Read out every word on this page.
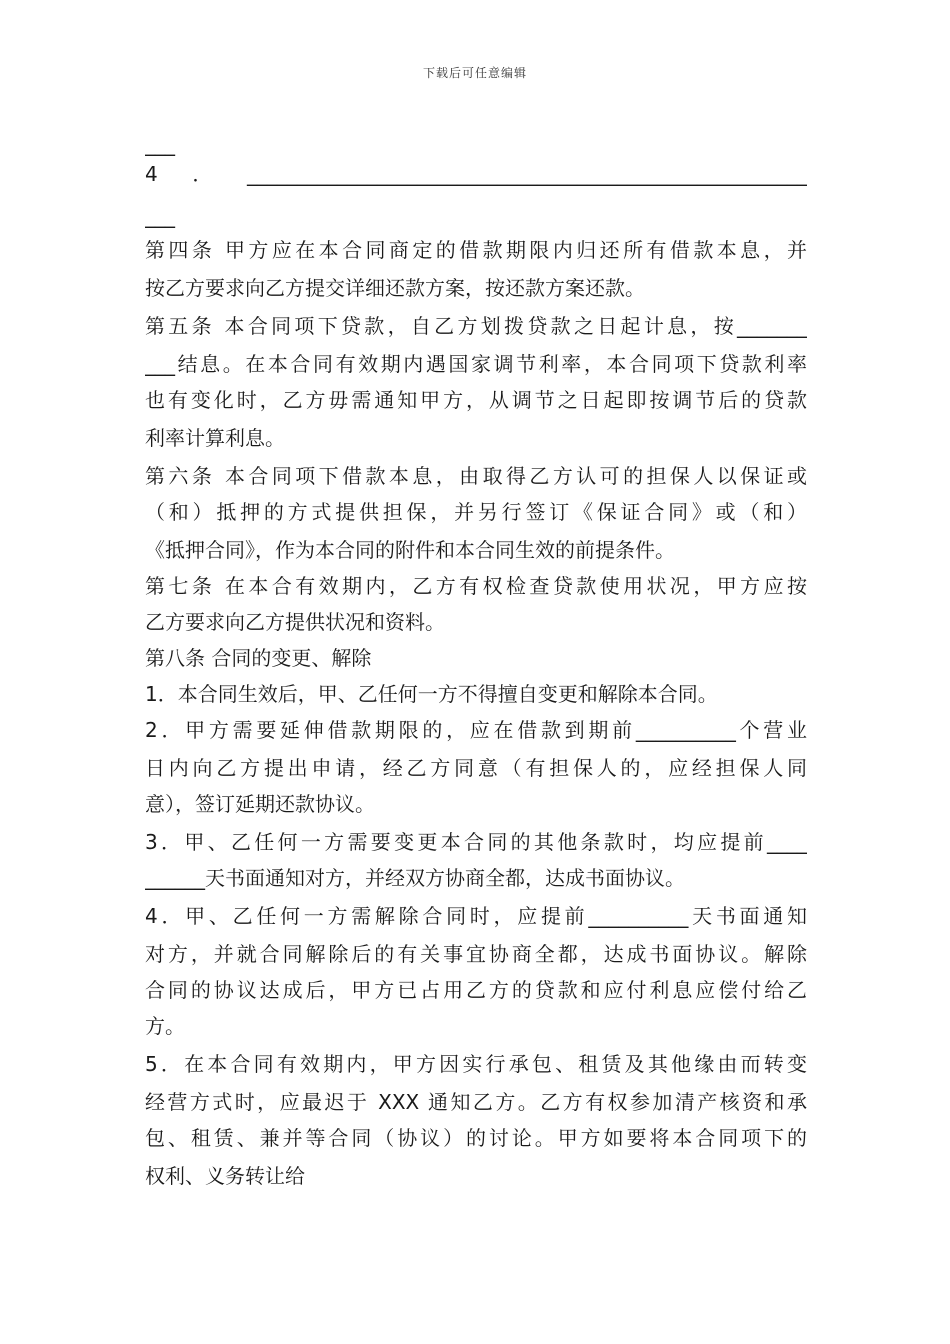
下载后可任意编辑
___
4．________________________________________________________
___
第四条 甲方应在本合同商定的借款期限内归还所有借款本息，并
按乙方要求向乙方提交详细还款方案，按还款方案还款。
第五条 本合同项下贷款，自乙方划拨贷款之日起计息，按_______
___结息。在本合同有效期内遇国家调节利率，本合同项下贷款利率
也有变化时，乙方毋需通知甲方，从调节之日起即按调节后的贷款
利率计算利息。
第六条 本合同项下借款本息，由取得乙方认可的担保人以保证或
（和）抵押的方式提供担保，并另行签订《保证合同》或（和）
《抵押合同》，作为本合同的附件和本合同生效的前提条件。
第七条 在本合有效期内，乙方有权检查贷款使用状况，甲方应按
乙方要求向乙方提供状况和资料。
第八条 合同的变更、解除
1．本合同生效后，甲、乙任何一方不得擅自变更和解除本合同。
2．甲方需要延伸借款期限的，应在借款到期前__________个营业
日内向乙方提出申请，经乙方同意（有担保人的，应经担保人同
意），签订延期还款协议。
3．甲、乙任何一方需要变更本合同的其他条款时，均应提前____
______天书面通知对方，并经双方协商全都，达成书面协议。
4．甲、乙任何一方需解除合同时，应提前__________天书面通知
对方，并就合同解除后的有关事宜协商全都，达成书面协议。解除
合同的协议达成后，甲方已占用乙方的贷款和应付利息应偿付给乙
方。
5．在本合同有效期内，甲方因实行承包、租赁及其他缘由而转变
经营方式时，应最迟于 XXX 通知乙方。乙方有权参加清产核资和承
包、租赁、兼并等合同（协议）的讨论。甲方如要将本合同项下的
权利、义务转让给
